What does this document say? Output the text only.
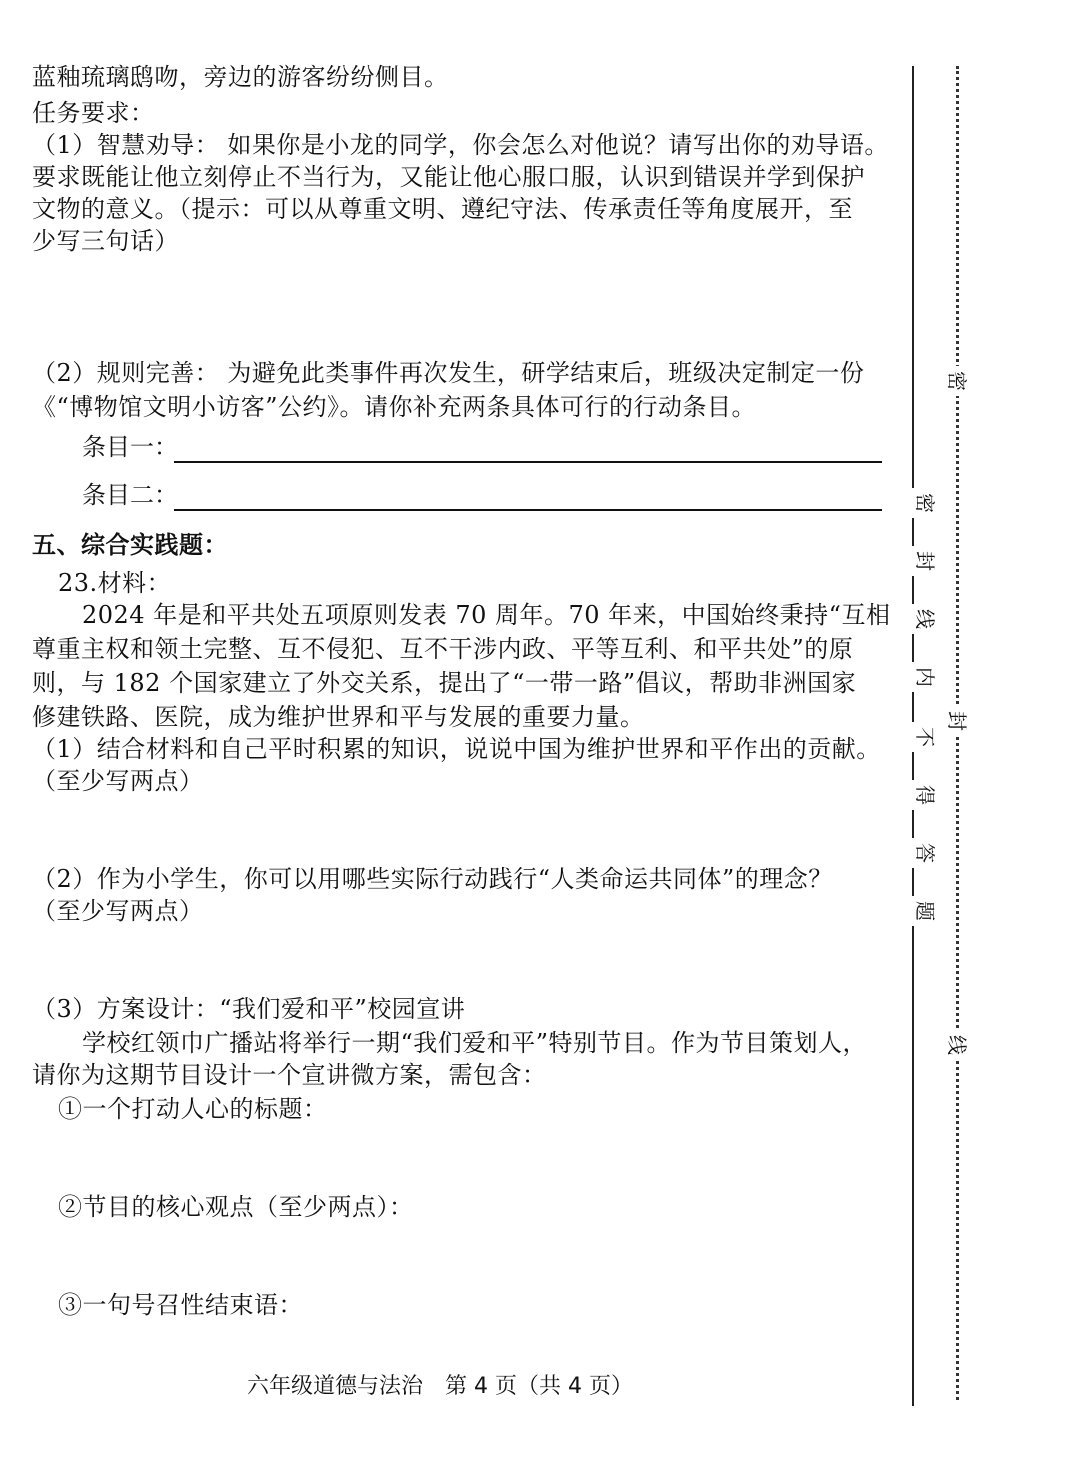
蓝釉琉璃鸱吻，旁边的游客纷纷侧目。
任务要求：
（1）智慧劝导： 如果你是小龙的同学，你会怎么对他说？请写出你的劝导语。
要求既能让他立刻停止不当行为，又能让他心服口服，认识到错误并学到保护
文物的意义。（提示：可以从尊重文明、遵纪守法、传承责任等角度展开，至
少写三句话）
（2）规则完善： 为避免此类事件再次发生，研学结束后，班级决定制定一份
《“博物馆文明小访客”公约》。请你补充两条具体可行的行动条目。
条目一：
条目二：
五、综合实践题：
23.材料：
2024 年是和平共处五项原则发表 70 周年。70 年来，中国始终秉持“互相
尊重主权和领土完整、互不侵犯、互不干涉内政、平等互利、和平共处”的原
则，与 182 个国家建立了外交关系，提出了“一带一路”倡议，帮助非洲国家
修建铁路、医院，成为维护世界和平与发展的重要力量。
（1）结合材料和自己平时积累的知识，说说中国为维护世界和平作出的贡献。
（至少写两点）
（2）作为小学生，你可以用哪些实际行动践行“人类命运共同体”的理念？
（至少写两点）
（3）方案设计：“我们爱和平”校园宣讲
学校红领巾广播站将举行一期“我们爱和平”特别节目。作为节目策划人，
请你为这期节目设计一个宣讲微方案，需包含：
①一个打动人心的标题：
②节目的核心观点（至少两点）：
③一句号召性结束语：
六年级道德与法治　第 4 页（共 4 页）
密
密
封
线
内
封
不
得
答
题
线
